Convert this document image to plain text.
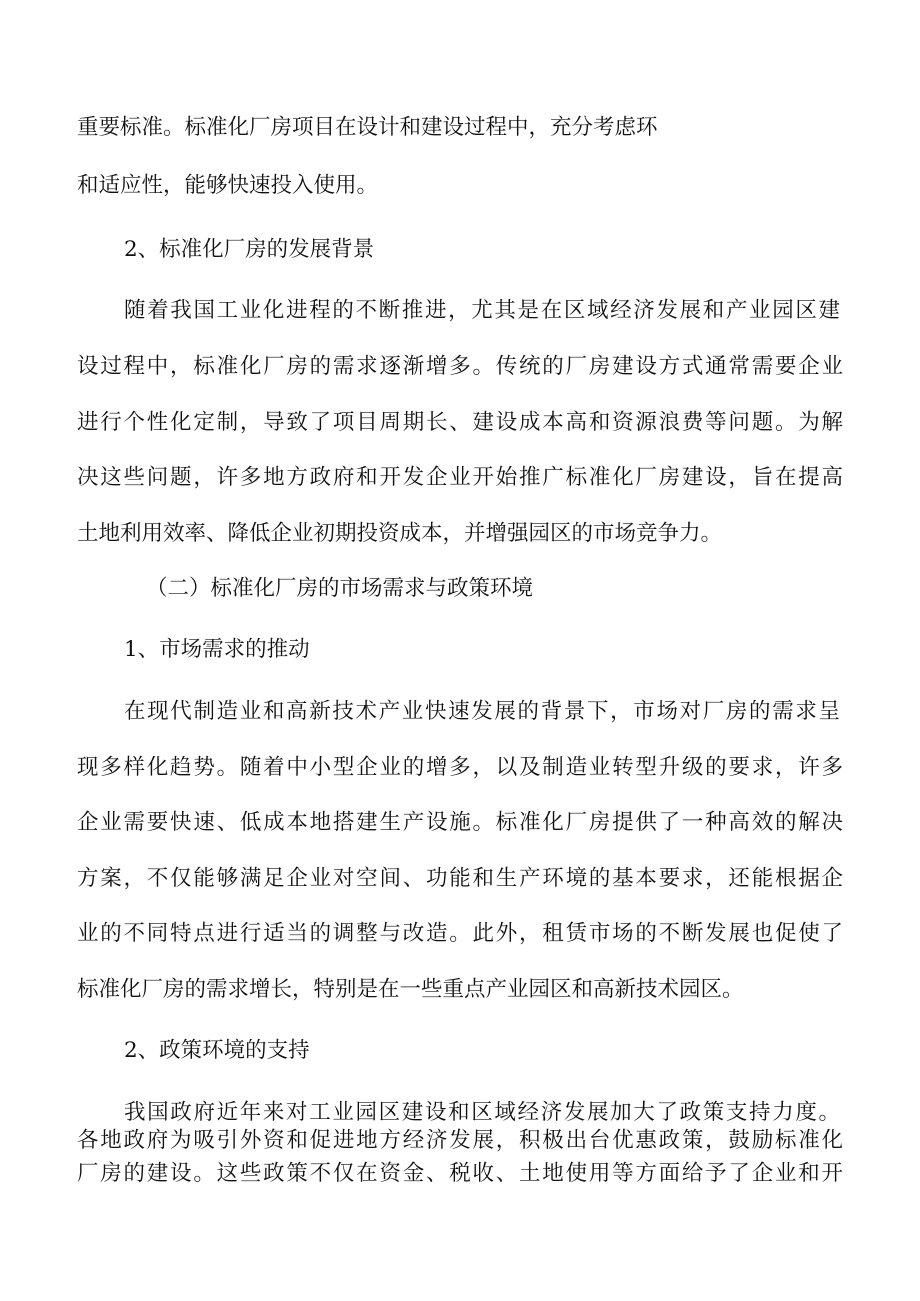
重要标准。标准化厂房项目在设计和建设过程中，充分考虑环
和适应性，能够快速投入使用。
2、标准化厂房的发展背景
随着我国工业化进程的不断推进，尤其是在区域经济发展和产业园区建
设过程中，标准化厂房的需求逐渐增多。传统的厂房建设方式通常需要企业
进行个性化定制，导致了项目周期长、建设成本高和资源浪费等问题。为解
决这些问题，许多地方政府和开发企业开始推广标准化厂房建设，旨在提高
土地利用效率、降低企业初期投资成本，并增强园区的市场竞争力。
（二）标准化厂房的市场需求与政策环境
1、市场需求的推动
在现代制造业和高新技术产业快速发展的背景下，市场对厂房的需求呈
现多样化趋势。随着中小型企业的增多，以及制造业转型升级的要求，许多
企业需要快速、低成本地搭建生产设施。标准化厂房提供了一种高效的解决
方案，不仅能够满足企业对空间、功能和生产环境的基本要求，还能根据企
业的不同特点进行适当的调整与改造。此外，租赁市场的不断发展也促使了
标准化厂房的需求增长，特别是在一些重点产业园区和高新技术园区。
2、政策环境的支持
我国政府近年来对工业园区建设和区域经济发展加大了政策支持力度。
各地政府为吸引外资和促进地方经济发展，积极出台优惠政策，鼓励标准化
厂房的建设。这些政策不仅在资金、税收、土地使用等方面给予了企业和开
